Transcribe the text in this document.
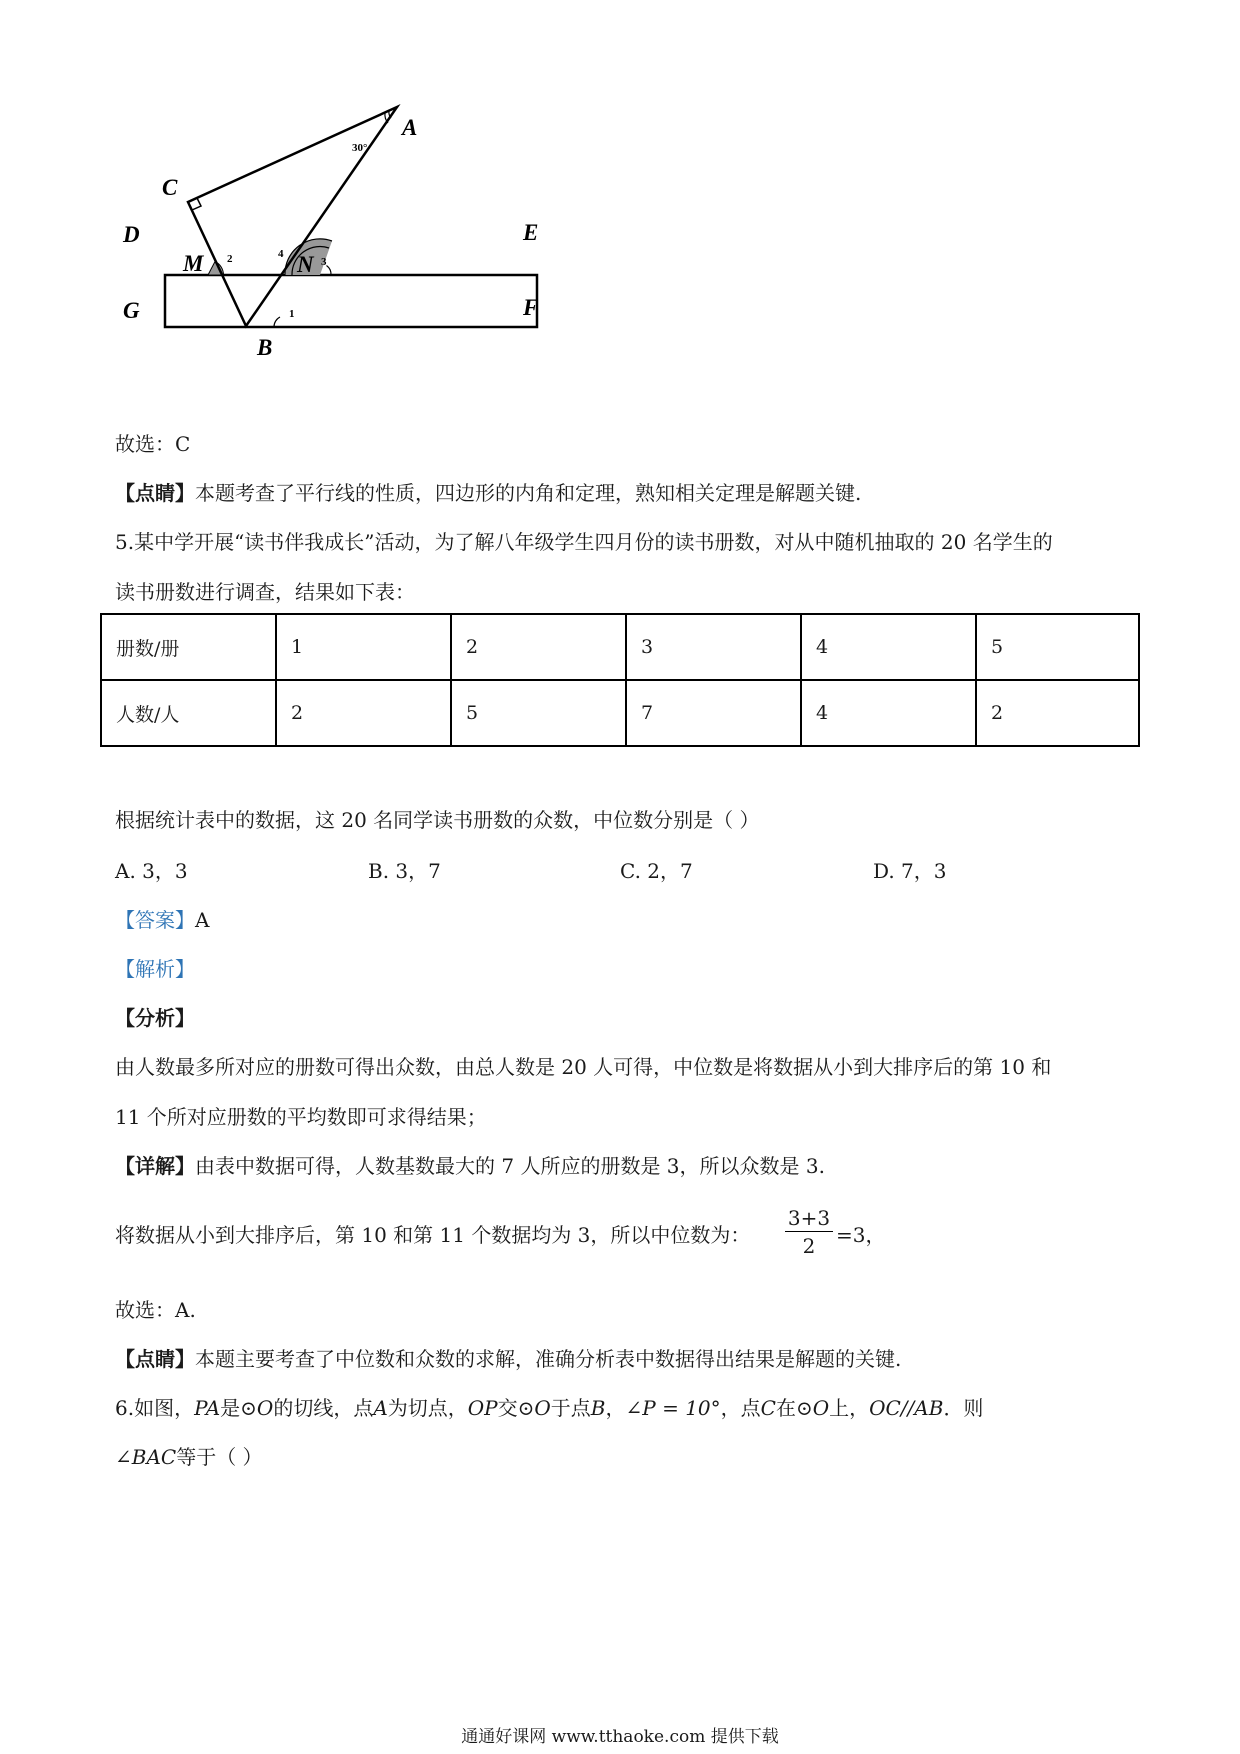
A
C
D	E
M	N
G	F
B
30°
2	4
3
1
故选：C
【点睛】本题考查了平行线的性质，四边形的内角和定理，熟知相关定理是解题关键.
5.某中学开展“读书伴我成长”活动，为了解八年级学生四月份的读书册数，对从中随机抽取的 20 名学生的
读书册数进行调查，结果如下表：
册数/册	1	2	3	4	5
人数/人	2	5	7	4	2
根据统计表中的数据，这 20 名同学读书册数的众数，中位数分别是（ ）
A. 3，3	B. 3，7	C. 2，7	D. 7，3
【答案】A
【解析】
【分析】
由人数最多所对应的册数可得出众数，由总人数是 20 人可得，中位数是将数据从小到大排序后的第 10 和
11 个所对应册数的平均数即可求得结果；
【详解】由表中数据可得，人数基数最大的 7 人所应的册数是 3，所以众数是 3.
将数据从小到大排序后，第 10 和第 11 个数据均为 3，所以中位数为： $\frac{3+3}{2} =3$，
故选：A.
【点睛】本题主要考查了中位数和众数的求解，准确分析表中数据得出结果是解题的关键.
6.如图，PA是⊙O的切线，点A为切点，OP交⊙O于点B，∠P = 10°，点C在⊙O上，OC//AB．则
∠BAC等于（ ）
通通好课网 www.tthaoke.com 提供下载
